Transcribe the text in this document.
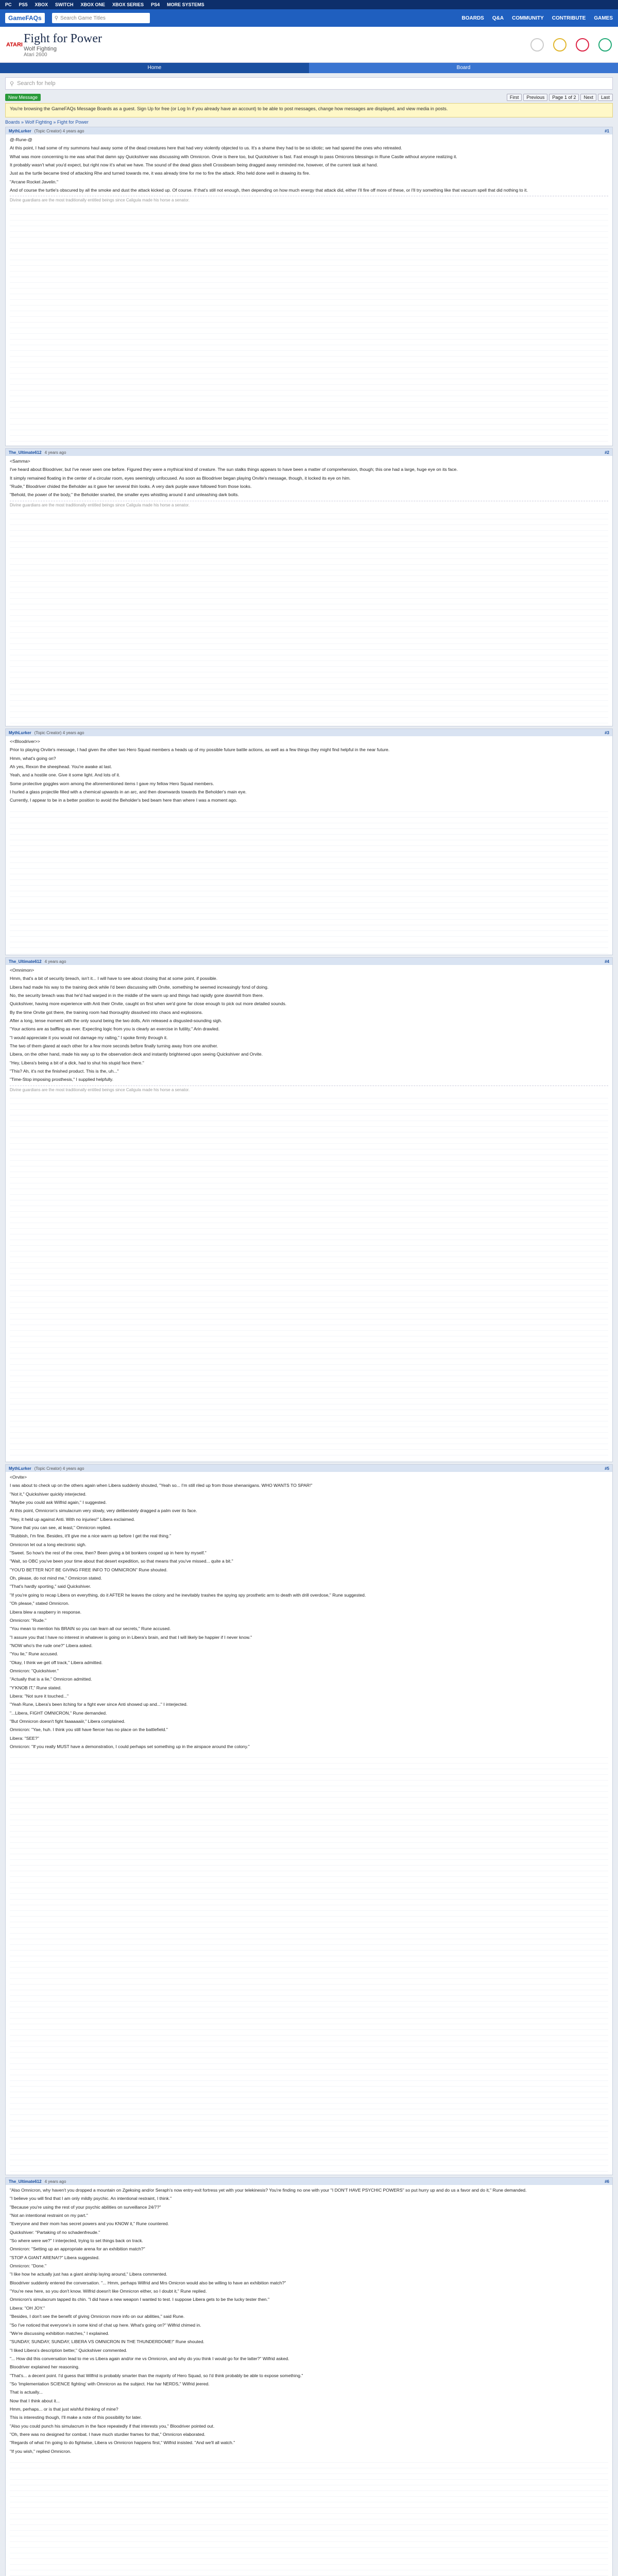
PC PS5 XBOX SWITCH XBOX ONE XBOX SERIES PS4 MORE SYSTEMS
GameFAQs	⚲ Search Game Titles	BOARDS Q&A COMMUNITY CONTRIBUTE GAMES
ATARI Fight for Power
Wolf Fighting
Atari 2600
Home	Board
⚲ Search for help
New Message	First	Previous	Page 1 of 2	Next	Last
You're browsing the GameFAQs Message Boards as a guest. Sign Up for free (or Log In if you already have an account) to be able to post messages, change how messages are displayed, and view media in posts.
Boards » Wolf Fighting » Fight for Power
MythLurker (Topic Creator) 4 years ago	#1

@-Rune-@

At this point, I had some of my summons haul away some of the dead creatures here that had very violently objected to us. It's a shame they had to be so idiotic; we had spared the ones who retreated.

What was more concerning to me was what that damn spy Quickshiver was discussing with Omnicron. Orvie is there too, but Quickshiver is fast. Fast enough to pass Omicrons blessings in Rune Castle without anyone realizing it.

It probably wasn't what you'd expect, but right now it's what we have. The sound of the dead glass shell Crossbeam being dragged away reminded me, however, of the current task at hand.

Just as the turtle became tired of attacking Rhe and turned towards me, it was already time for me to fire the attack. Rho held done well in drawing its fire.

"Arcane Rocket Javelin."

And of course the turtle's obscured by all the smoke and dust the attack kicked up. Of course. If that's still not enough, then depending on how much energy that attack did, either I'll fire off more of these, or I'll try something like that vacuum spell that did nothing to it.

Divine guardians are the most traditionally entitled beings since Caligula made his horse a senator.
The_Ultimate612 4 years ago	#2

<Samma>

I've heard about Bloodriver, but I've never seen one before. Figured they were a mythical kind of creature. The sun stalks things appears to have been a matter of comprehension, though; this one had a large, huge eye on its face.

It simply remained floating in the center of a circular room, eyes seemingly unfocused. As soon as Bloodriver began playing Orvite's message, though, it locked its eye on him.

"Rude," Bloodriver chided the Beholder as it gave her several thin looks. A very dark purple wave followed from those looks.

"Behold, the power of the body," the Beholder snarled, the smaller eyes whistling around it and unleashing dark bolts.

Divine guardians are the most traditionally entitled beings since Caligula made his horse a senator.
MythLurker (Topic Creator) 4 years ago	#3

<<Bloodriver>>

Prior to playing Orvite's message, I had given the other two Hero Squad members a heads up of my possible future battle actions, as well as a few things they might find helpful in the near future.

Hmm, what's going on?

Ah yes, Rexon the sheephead. You're awake at last.

Yeah, and a hostile one. Give it some light. And lots of it.

Some protective goggles worn among the aforementioned items I gave my fellow Hero Squad members.

I hurled a glass projectile filled with a chemical upwards in an arc, and then downwards towards the Beholder's main eye.

Currently, I appear to be in a better position to avoid the Beholder's bed beam here than where I was a moment ago.

The_Ultimate612 4 years ago	#4

<Omnimon>

Hmm, that's a bit of security breach, isn't it... I will have to see about closing that at some point, if possible.

Libera had made his way to the training deck while I'd been discussing with Orvite, something he seemed increasingly fond of doing.

No, the security breach was that he'd had warped in in the middle of the warm up and things had rapidly gone downhill from there.

Quickshiver, having more experience with Anti their Orvite, caught on first when we'd gone far close enough to pick out more detailed sounds.

By the time Orvite got there, the training room had thoroughly dissolved into chaos and explosions.

After a long, tense moment with the only sound being the two dolls, Arin released a disgusted-sounding sigh.

"Your actions are as baffling as ever. Expecting logic from you is clearly an exercise in futility," Arin drawled.

"I would appreciate it you would not damage my railing," I spoke firmly through it.

The two of them glared at each other for a few more seconds before finally turning away from one another.

Libera, on the other hand, made his way up to the observation deck and instantly brightened upon seeing Quickshiver and Orvite.

"Hey, Libera's being a bit of a dick, had to shut his stupid face there."

"This? Ah, it's not the finished product. This is the, uh..."

"Time-Stop imposing prosthesis," I supplied helpfully.

Divine guardians are the most traditionally entitled beings since Caligula made his horse a senator.
MythLurker (Topic Creator) 4 years ago	#5

<Orvite>

I was about to check up on the others again when Libera suddenly shouted, "Yeah so... I'm still riled up from those shenanigans. WHO WANTS TO SPAR!"

"Not it," Quickshiver quickly interjected.

"Maybe you could ask Wilfrid again," I suggested.

At this point, Omnicron's simulacrum very slowly, very deliberately dragged a palm over its face.

"Hey, it held up against Anti. With no injuries!" Libera exclaimed.

"None that you can see, at least," Omnicron replied.

"Rubbish, I'm fine. Besides, it'll give me a nice warm up before I get the real thing."

Omnicron let out a long electronic sigh.

"Sweet. So how's the rest of the crew, then? Been giving a bit bonkers cooped up in here by myself."

"Wait, so OBC you've been your time about that desert expedition, so that means that you've missed... quite a bit."

"YOU'D BETTER NOT BE GIVING FREE INFO TO OMNICRON" Rune shouted.

Oh, please, do not mind me," Omnicron stated.

"That's hardly sporting," said Quickshiver.

"If you're going to recap Libera on everything, do it AFTER he leaves the colony and he inevitably trashes the spying spy prosthetic arm to death with drill overdose," Rune suggested.

"Oh please," stated Omnicron.

Libera blew a raspberry in response.

Omnicron: "Rude."

"You mean to mention his BRAIN so you can learn all our secrets," Rune accused.

"I assure you that I have no interest in whatever is going on in Libera's brain, and that I will likely be happier if I never know."

"NOW who's the rude one?" Libera asked.

"You lie," Rune accused.

"Okay, I think we get off track," Libera admitted.

Omnicron: "Quickshiver."

"Actually that is a lie," Omnicron admitted.

"Y'KNOB IT," Rune stated.

Libera: "Not sure it touched..."

"Yeah Rune, Libera's been itching for a fight ever since Anti showed up and..." I interjected.

"...Libera, FIGHT OMNICRON," Rune demanded.

"But Omnicron doesn't fight faaaaaaiir," Libera complained.

Omnicron: "Yae, huh. I think you still have fiercer has no place on the battlefield."

Libera: "SEE?"

Omnicron: "If you really MUST have a demonstration, I could perhaps set something up in the airspace around the colony."

The_Ultimate612 4 years ago	#6

"Also Omnicron, why haven't you dropped a mountain on Zgeksing and/or Seraph's now entry-exit fortress yet with your telekinesis? You're finding no one with your "I DON'T HAVE PSYCHIC POWERS" so put hurry up and do us a favor and do it," Rune demanded.

"I believe you will find that I am only mildly psychic. An intentional restraint, I think."

"Because you're using the rest of your psychic abilities on surveillance 24/7?"

"Not an intentional restraint on my part."

"Everyone and their mom has secret powers and you KNOW it," Rune countered.

Quickshiver: "Partaking of no schadenfreude."

"So where were we?" I interjected, trying to set things back on track.

Omnicron: "Setting up an appropriate arena for an exhibition match?"

"STOP A GIANT ARENA!?" Libera suggested.

Omnicron: "Done."

"I like how he actually just has a giant airship laying around," Libera commented.

Bloodriver suddenly entered the conversation. "... Hmm, perhaps Wilfrid and Mrs Omicron would also be willing to have an exhibition match?"

"You're new here, so you don't know. Wilfrid doesn't like Omnicron either, so I doubt it," Rune replied.

Omnicron's simulacrum tapped its chin. "I did have a new weapon I wanted to test. I suppose Libera gets to be the lucky tester then."

Libera: "OH JOY."

"Besides, I don't see the benefit of giving Omnicron more info on our abilities," said Rune.

"So I've noticed that everyone's in some kind of chat up here. What's going on?" Wilfrid chimed in.

"We're discussing exhibition matches," I explained.

"SUNDAY, SUNDAY, SUNDAY, LIBERA VS OMNICRON IN THE THUNDERDOME!" Rune shouted.

"I liked Libera's description better," Quickshiver commented.

"... How did this conversation lead to me vs Libera again and/or me vs Omnicron, and why do you think I would go for the latter?" Wilfrid asked.

Bloodriver explained her reasoning.

"That's... a decent point. I'd guess that Wilfrid is probably smarter than the majority of Hero Squad, so I'd think probably be able to expose something."

"So 'Implementation SCIENCE fighting' with Omnicron as the subject. Har har NERDS," Wilfrid jeered.

That is actually...

Now that I think about it...

Hmm, perhaps... or is that just wishful thinking of mine?

This is interesting though, I'll make a note of this possibility for later.

"Also you could punch his simulacrum in the face repeatedly if that interests you," Bloodriver pointed out.

"Oh, there was no designed for combat. I have much sturdier frames for that," Omnicron elaborated.

"Regards of what I'm going to do fightwise, Libera vs Omnicron happens first," Wilfrid insisted. "And we'll all watch."

"If you wish," replied Omnicron.
